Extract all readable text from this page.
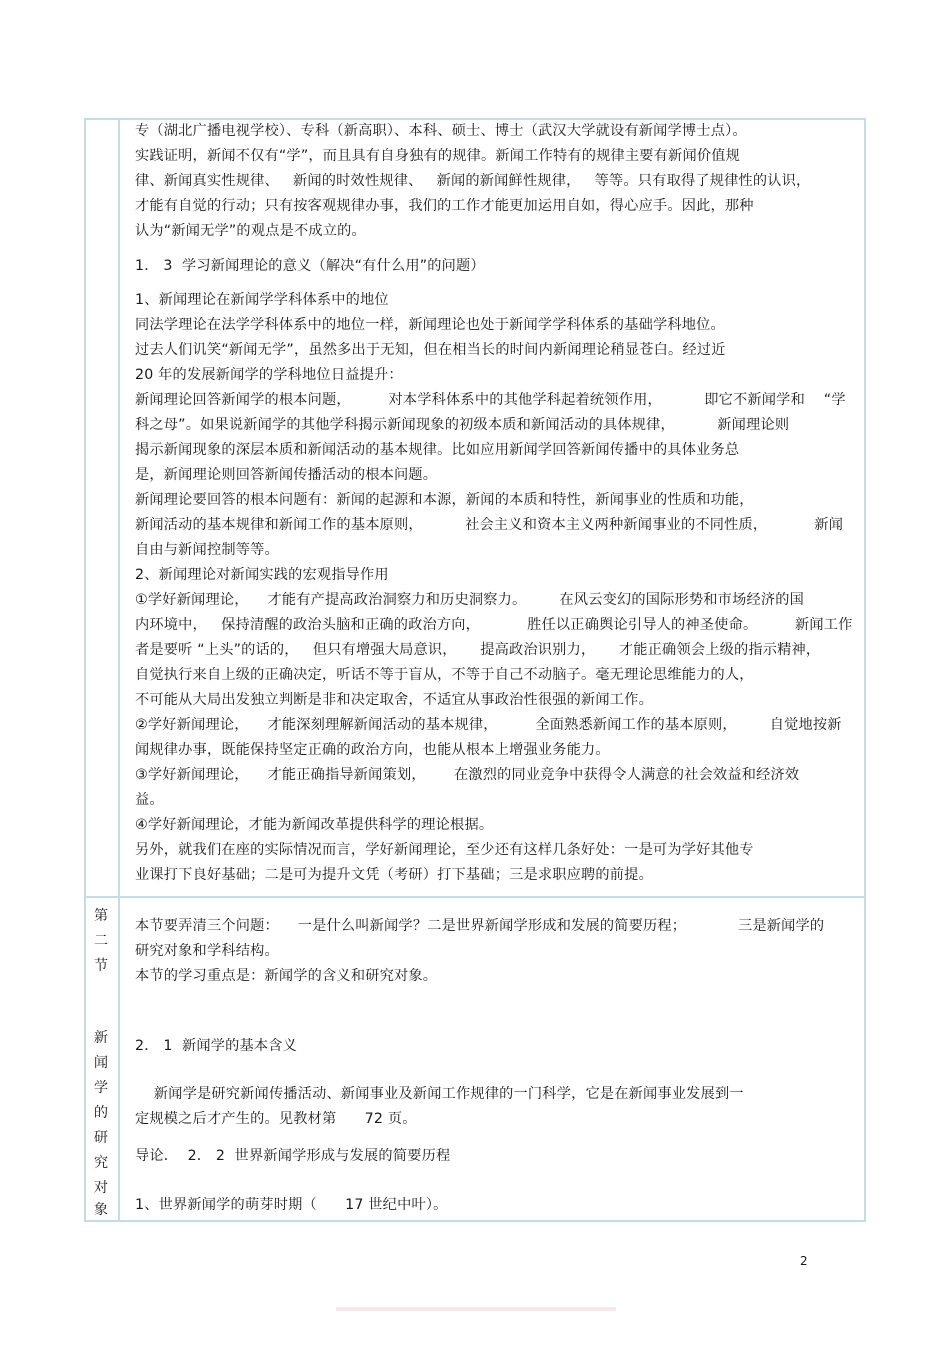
专（湖北广播电视学校）、专科（新高职）、本科、硕士、博士（武汉大学就设有新闻学博士点）。
实践证明，新闻不仅有“学”，而且具有自身独有的规律。新闻工作特有的规律主要有新闻价值规
律、新闻真实性规律、   新闻的时效性规律、   新闻的新闻鲜性规律，   等等。只有取得了规律性的认识，
才能有自觉的行动；只有按客观规律办事，我们的工作才能更加运用自如，得心应手。因此，那种
认为“新闻无学”的观点是不成立的。
1． 3  学习新闻理论的意义（解决“有什么用”的问题）
1、新闻理论在新闻学学科体系中的地位
同法学理论在法学学科体系中的地位一样，新闻理论也处于新闻学学科体系的基础学科地位。
过去人们讥笑“新闻无学”，虽然多出于无知，但在相当长的时间内新闻理论稍显苍白。经过近
20 年的发展新闻学的学科地位日益提升：
新闻理论回答新闻学的根本问题，        对本学科体系中的其他学科起着统领作用，         即它不新闻学和    “学
科之母”。如果说新闻学的其他学科揭示新闻现象的初级本质和新闻活动的具体规律，         新闻理论则
揭示新闻现象的深层本质和新闻活动的基本规律。比如应用新闻学回答新闻传播中的具体业务总
是，新闻理论则回答新闻传播活动的根本问题。
新闻理论要回答的根本问题有：新闻的起源和本源，新闻的本质和特性，新闻事业的性质和功能，
新闻活动的基本规律和新闻工作的基本原则，         社会主义和资本主义两种新闻事业的不同性质，          新闻
自由与新闻控制等等。
2、新闻理论对新闻实践的宏观指导作用
①学好新闻理论，    才能有产提高政治洞察力和历史洞察力。       在风云变幻的国际形势和市场经济的国
内环境中，   保持清醒的政治头脑和正确的政治方向，          胜任以正确舆论引导人的神圣使命。        新闻工作
者是要听 “上头”的话的，   但只有增强大局意识，     提高政治识别力，     才能正确领会上级的指示精神，
自觉执行来自上级的正确决定，听话不等于盲从，不等于自己不动脑子。毫无理论思维能力的人，
不可能从大局出发独立判断是非和决定取舍，不适宜从事政治性很强的新闻工作。
②学好新闻理论，    才能深刻理解新闻活动的基本规律，        全面熟悉新闻工作的基本原则，       自觉地按新
闻规律办事，既能保持坚定正确的政治方向，也能从根本上增强业务能力。
③学好新闻理论，    才能正确指导新闻策划，      在激烈的同业竞争中获得令人满意的社会效益和经济效
益。
④学好新闻理论，才能为新闻改革提供科学的理论根据。
另外，就我们在座的实际情况而言，学好新闻理论，至少还有这样几条好处：一是可为学好其他专
业课打下良好基础；二是可为提升文凭（考研）打下基础；三是求职应聘的前提。
第
二
节
新
闻
学
的
研
究
对
象
本节要弄清三个问题：    一是什么叫新闻学？二是世界新闻学形成和发展的简要历程；           三是新闻学的
研究对象和学科结构。
本节的学习重点是：新闻学的含义和研究对象。
2． 1  新闻学的基本含义
新闻学是研究新闻传播活动、新闻事业及新闻工作规律的一门科学，它是在新闻事业发展到一
定规模之后才产生的。见教材第      72 页。
导论．  2． 2  世界新闻学形成与发展的简要历程
1、世界新闻学的萌芽时期（      17 世纪中叶）。
2
